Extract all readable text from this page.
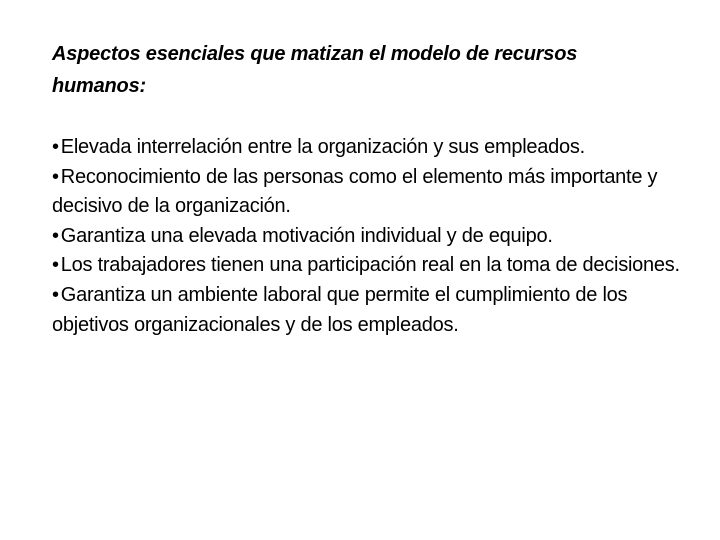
Aspectos esenciales que matizan el modelo de recursos humanos:
• Elevada interrelación entre la organización y sus empleados.
• Reconocimiento de las personas como el elemento más importante y decisivo de la organización.
• Garantiza una elevada motivación individual y de equipo.
• Los trabajadores tienen una participación real en la toma de decisiones.
• Garantiza un ambiente laboral que permite el cumplimiento de los objetivos organizacionales y de los empleados.
